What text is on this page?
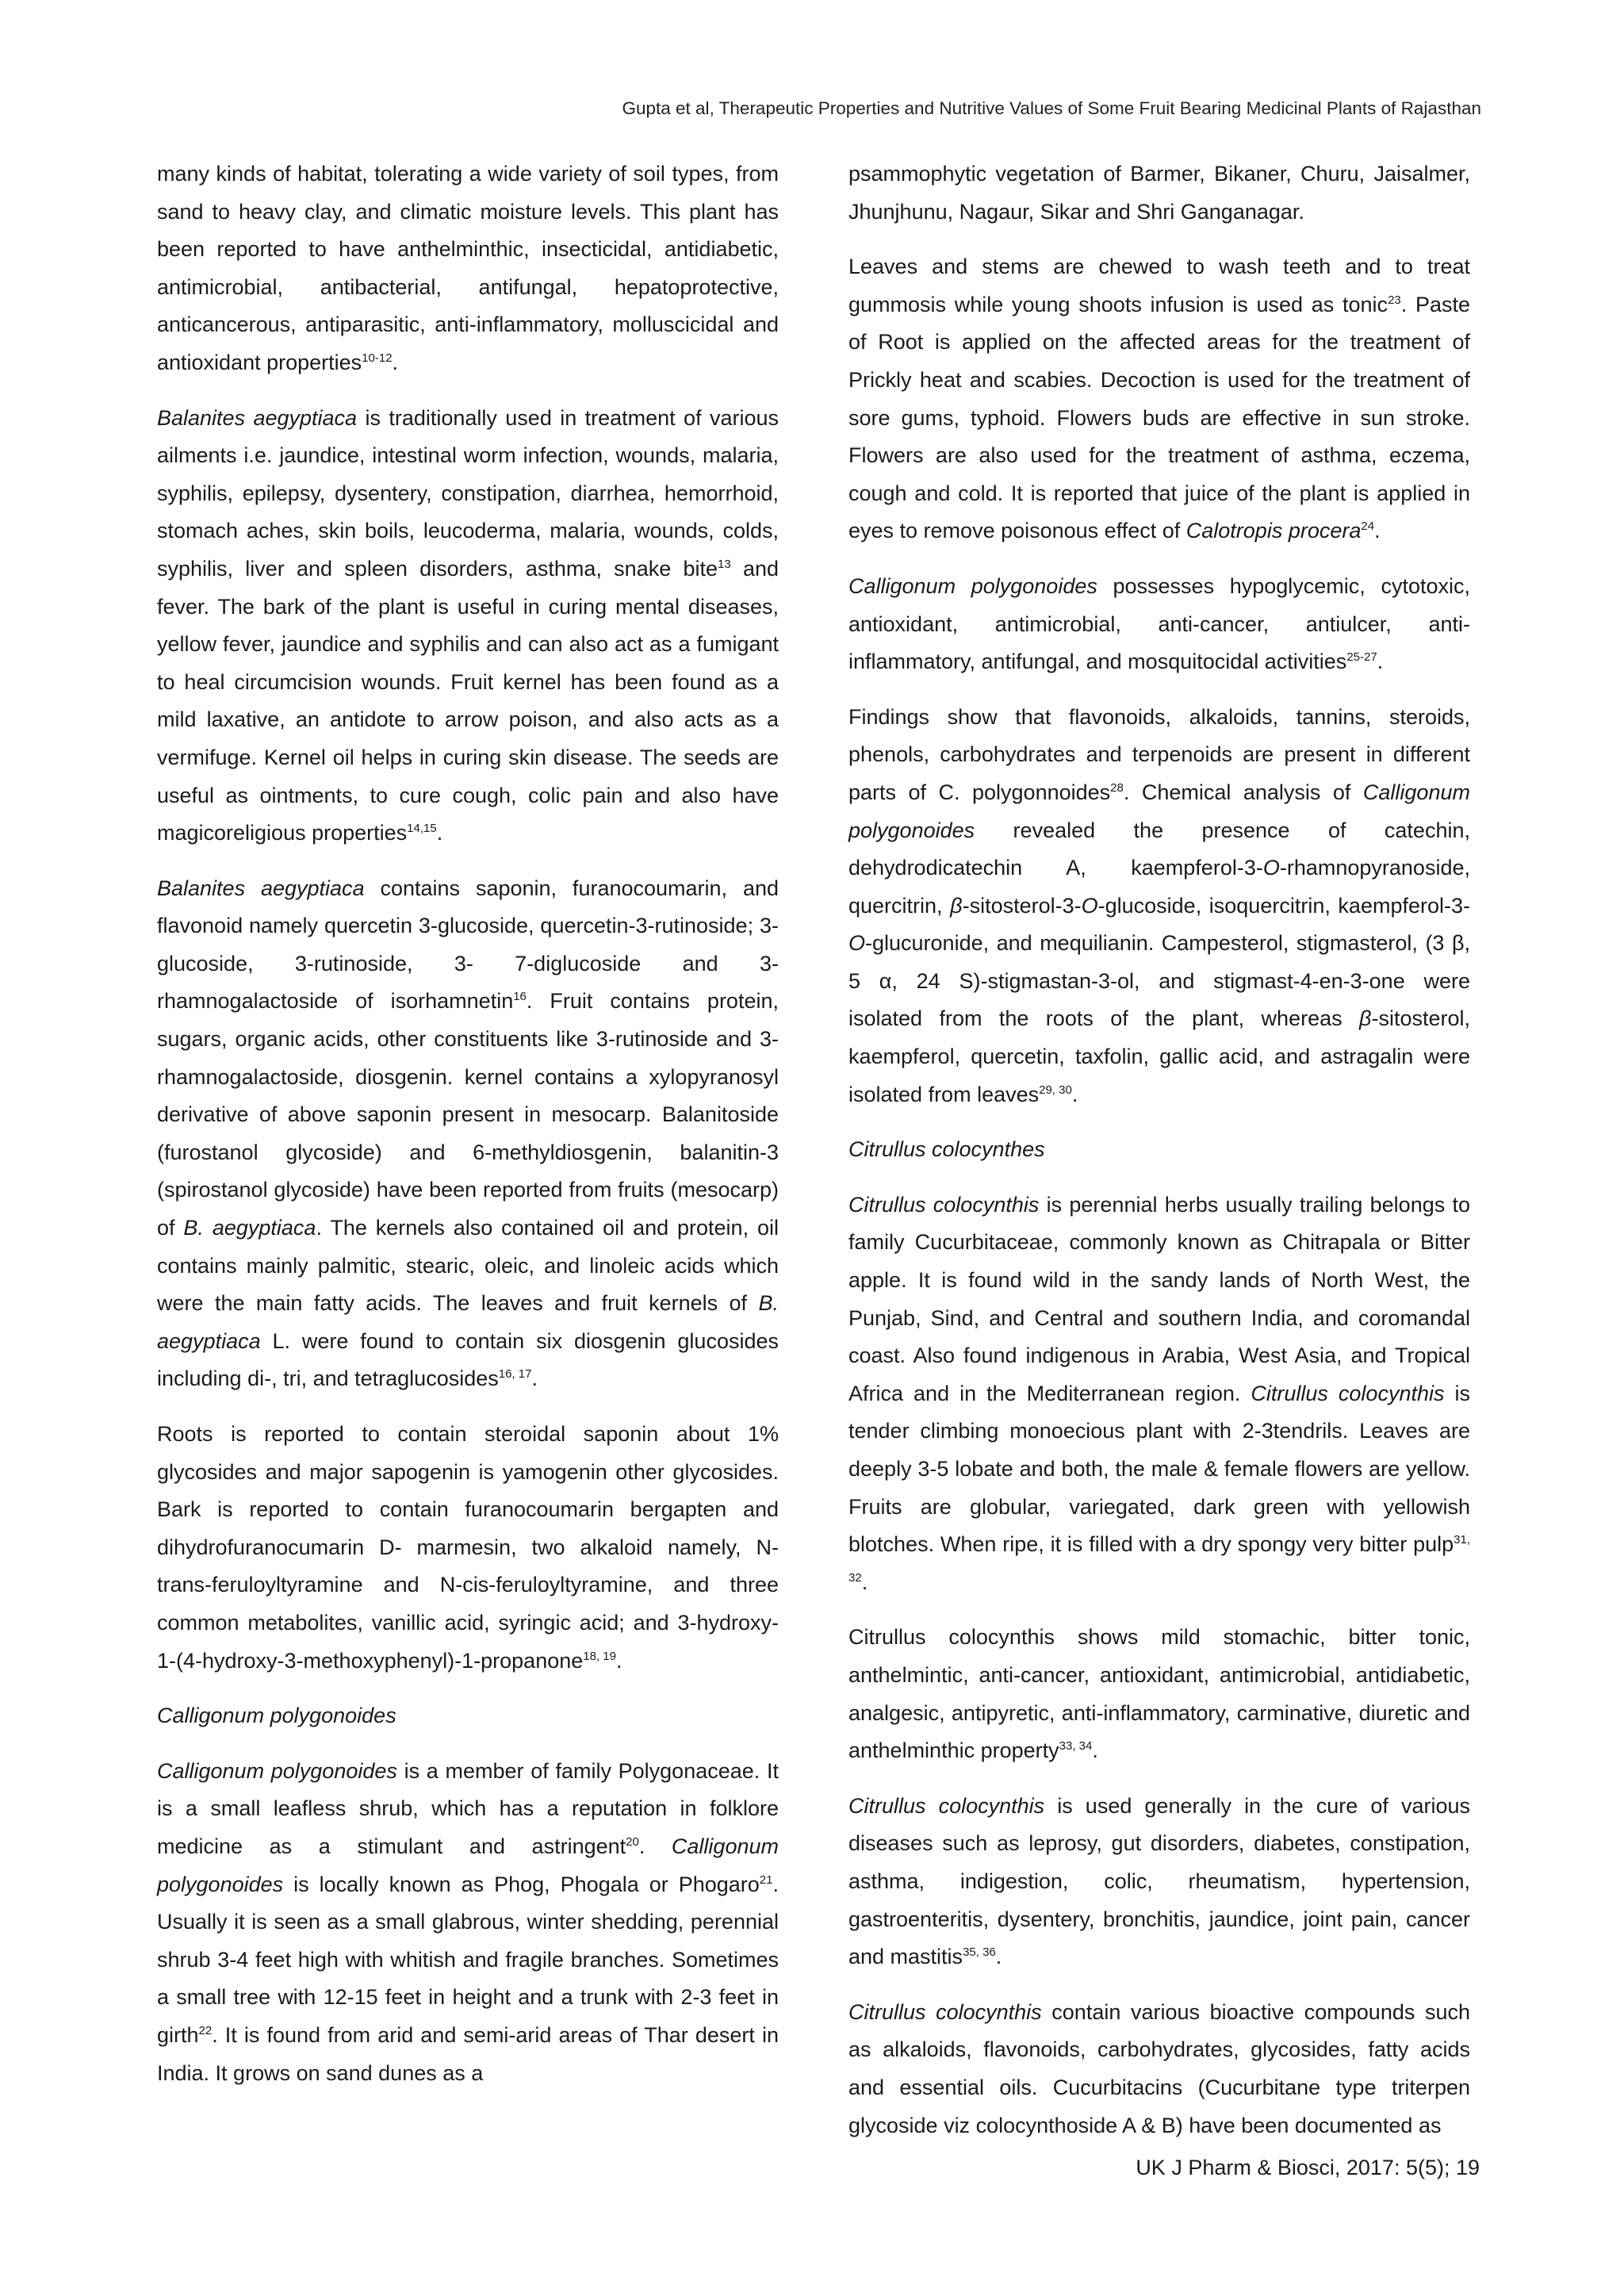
Gupta et al, Therapeutic Properties and Nutritive Values of Some Fruit Bearing Medicinal Plants of Rajasthan

many kinds of habitat, tolerating a wide variety of soil types, from sand to heavy clay, and climatic moisture levels. This plant has been reported to have anthelminthic, insecticidal, antidiabetic, antimicrobial, antibacterial, antifungal, hepatoprotective, anticancerous, antiparasitic, anti-inflammatory, molluscicidal and antioxidant properties$^{10-12}$.

Balanites aegyptiaca is traditionally used in treatment of various ailments i.e. jaundice, intestinal worm infection, wounds, malaria, syphilis, epilepsy, dysentery, constipation, diarrhea, hemorrhoid, stomach aches, skin boils, leucoderma, malaria, wounds, colds, syphilis, liver and spleen disorders, asthma, snake bite$^{13}$ and fever. The bark of the plant is useful in curing mental diseases, yellow fever, jaundice and syphilis and can also act as a fumigant to heal circumcision wounds. Fruit kernel has been found as a mild laxative, an antidote to arrow poison, and also acts as a vermifuge. Kernel oil helps in curing skin disease. The seeds are useful as ointments, to cure cough, colic pain and also have magicoreligious properties$^{14,15}$.

Balanites aegyptiaca contains saponin, furanocoumarin, and flavonoid namely quercetin 3-glucoside, quercetin-3-rutinoside; 3-glucoside, 3-rutinoside, 3- 7-diglucoside and 3-rhamnogalactoside of isorhamnetin$^{16}$. Fruit contains protein, sugars, organic acids, other constituents like 3-rutinoside and 3-rhamnogalactoside, diosgenin. kernel contains a xylopyranosyl derivative of above saponin present in mesocarp. Balanitoside (furostanol glycoside) and 6-methyldiosgenin, balanitin-3 (spirostanol glycoside) have been reported from fruits (mesocarp) of B. aegyptiaca. The kernels also contained oil and protein, oil contains mainly palmitic, stearic, oleic, and linoleic acids which were the main fatty acids. The leaves and fruit kernels of B. aegyptiaca L. were found to contain six diosgenin glucosides including di-, tri, and tetraglucosides$^{16, 17}$.

Roots is reported to contain steroidal saponin about 1% glycosides and major sapogenin is yamogenin other glycosides. Bark is reported to contain furanocoumarin bergapten and dihydrofuranocumarin D- marmesin, two alkaloid namely, N-trans-feruloyltyramine and N-cis-feruloyltyramine, and three common metabolites, vanillic acid, syringic acid; and 3-hydroxy-1-(4-hydroxy-3-methoxyphenyl)-1-propanone$^{18, 19}$.

Calligonum polygonoides

Calligonum polygonoides is a member of family Polygonaceae. It is a small leafless shrub, which has a reputation in folklore medicine as a stimulant and astringent$^{20}$. Calligonum polygonoides is locally known as Phog, Phogala or Phogaro$^{21}$. Usually it is seen as a small glabrous, winter shedding, perennial shrub 3-4 feet high with whitish and fragile branches. Sometimes a small tree with 12-15 feet in height and a trunk with 2-3 feet in girth$^{22}$. It is found from arid and semi-arid areas of Thar desert in India. It grows on sand dunes as a

psammophytic vegetation of Barmer, Bikaner, Churu, Jaisalmer, Jhunjhunu, Nagaur, Sikar and Shri Ganganagar.

Leaves and stems are chewed to wash teeth and to treat gummosis while young shoots infusion is used as tonic$^{23}$. Paste of Root is applied on the affected areas for the treatment of Prickly heat and scabies. Decoction is used for the treatment of sore gums, typhoid. Flowers buds are effective in sun stroke. Flowers are also used for the treatment of asthma, eczema, cough and cold. It is reported that juice of the plant is applied in eyes to remove poisonous effect of Calotropis procera$^{24}$.

Calligonum polygonoides possesses hypoglycemic, cytotoxic, antioxidant, antimicrobial, anti-cancer, antiulcer, anti-inflammatory, antifungal, and mosquitocidal activities$^{25-27}$.

Findings show that flavonoids, alkaloids, tannins, steroids, phenols, carbohydrates and terpenoids are present in different parts of C. polygonnoides$^{28}$. Chemical analysis of Calligonum polygonoides revealed the presence of catechin, dehydrodicatechin A, kaempferol-3-O-rhamnopyranoside, quercitrin, β-sitosterol-3-O-glucoside, isoquercitrin, kaempferol-3-O-glucuronide, and mequilianin. Campesterol, stigmasterol, (3 β, 5 α, 24 S)-stigmastan-3-ol, and stigmast-4-en-3-one were isolated from the roots of the plant, whereas β-sitosterol, kaempferol, quercetin, taxfolin, gallic acid, and astragalin were isolated from leaves$^{29, 30}$.

Citrullus colocynthes

Citrullus colocynthis is perennial herbs usually trailing belongs to family Cucurbitaceae, commonly known as Chitrapala or Bitter apple. It is found wild in the sandy lands of North West, the Punjab, Sind, and Central and southern India, and coromandal coast. Also found indigenous in Arabia, West Asia, and Tropical Africa and in the Mediterranean region. Citrullus colocynthis is tender climbing monoecious plant with 2-3tendrils. Leaves are deeply 3-5 lobate and both, the male & female flowers are yellow. Fruits are globular, variegated, dark green with yellowish blotches. When ripe, it is filled with a dry spongy very bitter pulp$^{31, 32}$.

Citrullus colocynthis shows mild stomachic, bitter tonic, anthelmintic, anti-cancer, antioxidant, antimicrobial, antidiabetic, analgesic, antipyretic, anti-inflammatory, carminative, diuretic and anthelminthic property$^{33, 34}$.

Citrullus colocynthis is used generally in the cure of various diseases such as leprosy, gut disorders, diabetes, constipation, asthma, indigestion, colic, rheumatism, hypertension, gastroenteritis, dysentery, bronchitis, jaundice, joint pain, cancer and mastitis$^{35, 36}$.

Citrullus colocynthis contain various bioactive compounds such as alkaloids, flavonoids, carbohydrates, glycosides, fatty acids and essential oils. Cucurbitacins (Cucurbitane type triterpen glycoside viz colocynthoside A & B) have been documented as

UK J Pharm & Biosci, 2017: 5(5); 19
